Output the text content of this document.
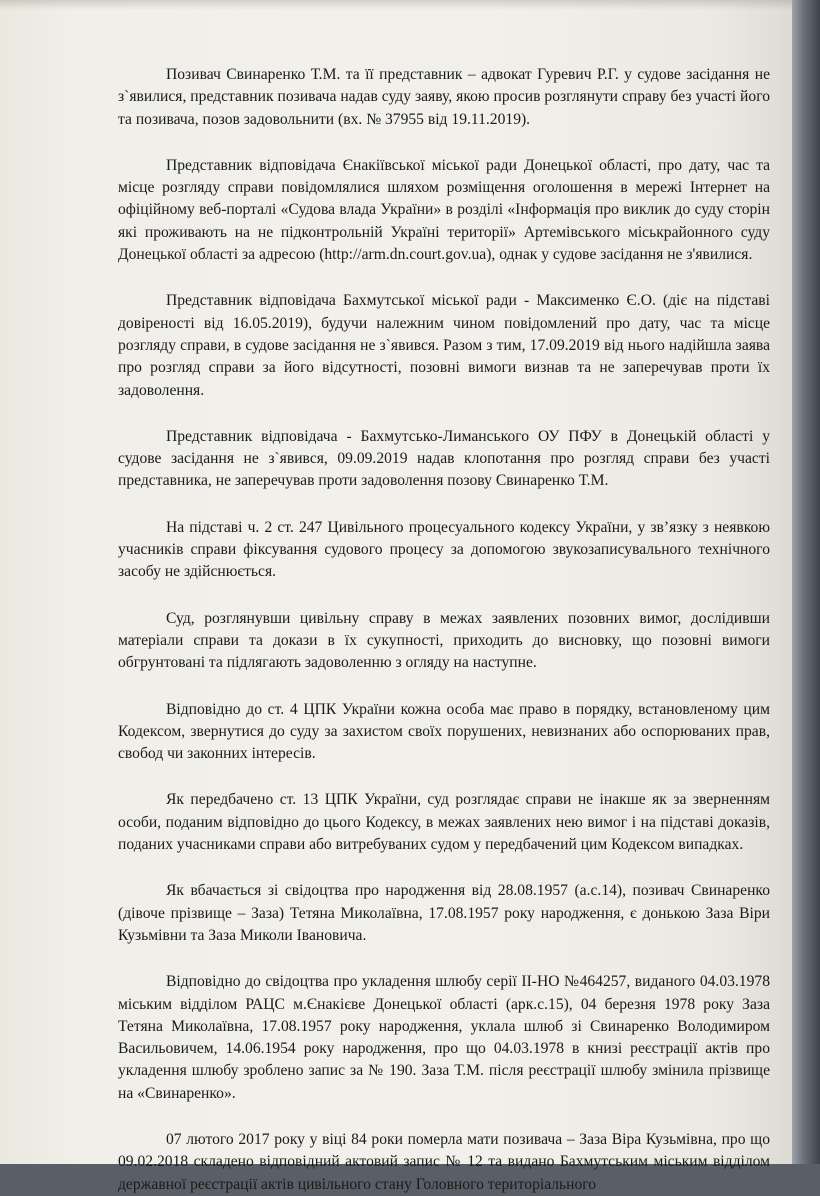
Позивач Свинаренко Т.М. та її представник – адвокат Гуревич Р.Г. у судове засідання не з`явилися, представник позивача надав суду заяву, якою просив розглянути справу без участі його та позивача, позов задовольнити (вх. № 37955 від 19.11.2019).

Представник відповідача Єнакіївської міської ради Донецької області, про дату, час та місце розгляду справи повідомлялися шляхом розміщення оголошення в мережі Інтернет на офіційному веб-порталі «Судова влада України» в розділі «Інформація про виклик до суду сторін які проживають на не підконтрольній Україні території» Артемівського міськрайонного суду Донецької області за адресою (http://arm.dn.court.gov.ua), однак у судове засідання не з'явилися.

Представник відповідача Бахмутської міської ради - Максименко Є.О. (діє на підставі довіреності від 16.05.2019), будучи належним чином повідомлений про дату, час та місце розгляду справи, в судове засідання не з`явився. Разом з тим, 17.09.2019 від нього надійшла заява про розгляд справи за його відсутності, позовні вимоги визнав та не заперечував проти їх задоволення.

Представник відповідача - Бахмутсько-Лиманського ОУ ПФУ в Донецькій області у судове засідання не з`явився, 09.09.2019 надав клопотання про розгляд справи без участі представника, не заперечував проти задоволення позову Свинаренко Т.М.

На підставі ч. 2 ст. 247 Цивільного процесуального кодексу України, у зв’язку з неявкою учасників справи фіксування судового процесу за допомогою звукозаписувального технічного засобу не здійснюється.

Суд, розглянувши цивільну справу в межах заявлених позовних вимог, дослідивши матеріали справи та докази в їх сукупності, приходить до висновку, що позовні вимоги обгрунтовані та підлягають задоволенню з огляду на наступне.

Відповідно до ст. 4 ЦПК України кожна особа має право в порядку, встановленому цим Кодексом, звернутися до суду за захистом своїх порушених, невизнаних або оспорюваних прав, свобод чи законних інтересів.

Як передбачено ст. 13 ЦПК України, суд розглядає справи не інакше як за зверненням особи, поданим відповідно до цього Кодексу, в межах заявлених нею вимог і на підставі доказів, поданих учасниками справи або витребуваних судом у передбачений цим Кодексом випадках.

Як вбачається зі свідоцтва про народження від 28.08.1957 (а.с.14), позивач Свинаренко (дівоче прізвище – Заза) Тетяна Миколаївна, 17.08.1957 року народження, є донькою Заза Віри Кузьмівни та Заза Миколи Івановича.

Відповідно до свідоцтва про укладення шлюбу серії ІІ-НО №464257, виданого 04.03.1978 міським відділом РАЦС м.Єнакієве Донецької області (арк.с.15), 04 березня 1978 року Заза Тетяна Миколаївна, 17.08.1957 року народження, уклала шлюб зі Свинаренко Володимиром Васильовичем, 14.06.1954 року народження, про що 04.03.1978 в книзі реєстрації актів про укладення шлюбу зроблено запис за № 190. Заза Т.М. після реєстрації шлюбу змінила прізвище на «Свинаренко».

07 лютого 2017 року у віці 84 роки померла мати позивача – Заза Віра Кузьмівна, про що 09.02.2018 складено відповідний актовий запис № 12 та видано Бахмутським міським відділом державної реєстрації актів цивільного стану Головного територіального
